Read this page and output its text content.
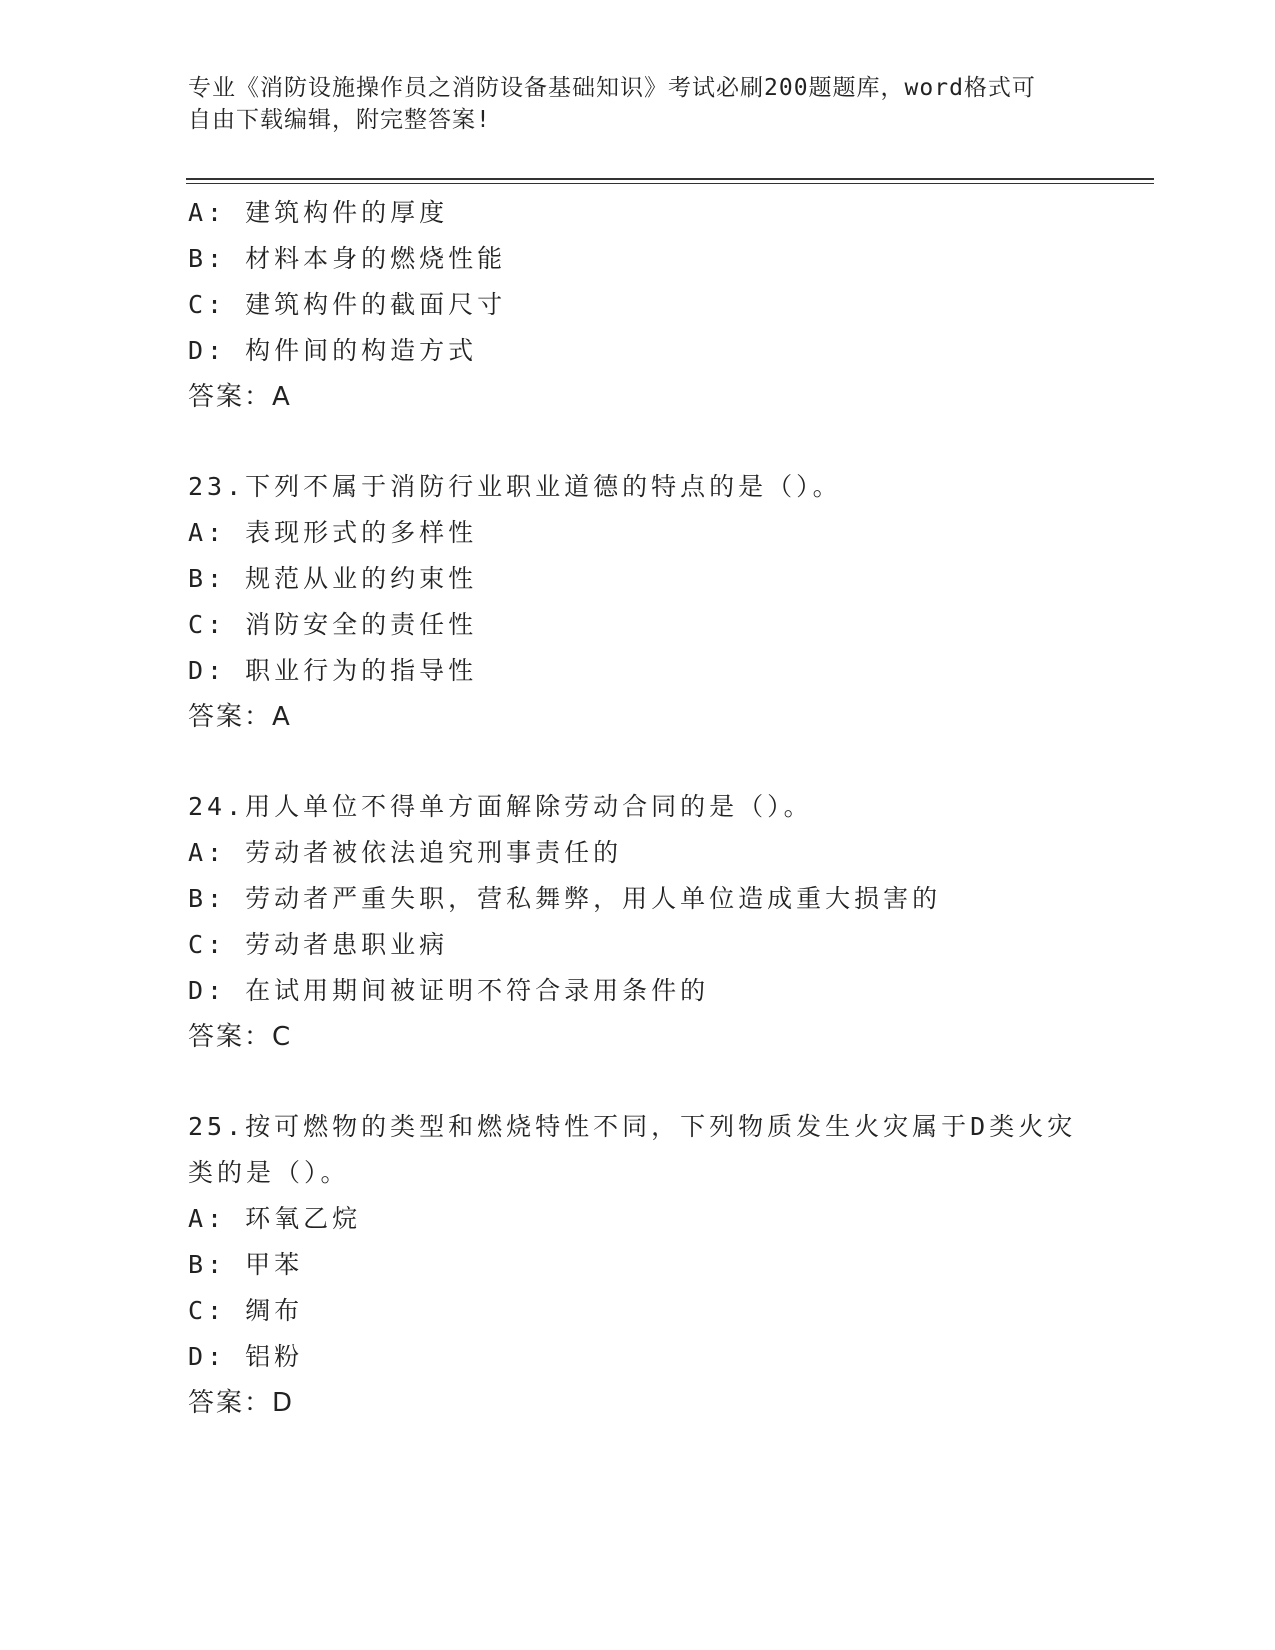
专业《消防设施操作员之消防设备基础知识》考试必刷200题题库，word格式可
自由下载编辑，附完整答案!
A: 建筑构件的厚度
B: 材料本身的燃烧性能
C: 建筑构件的截面尺寸
D: 构件间的构造方式
答案：A
23.下列不属于消防行业职业道德的特点的是（）。
A: 表现形式的多样性
B: 规范从业的约束性
C: 消防安全的责任性
D: 职业行为的指导性
答案：A
24.用人单位不得单方面解除劳动合同的是（）。
A: 劳动者被依法追究刑事责任的
B: 劳动者严重失职，营私舞弊，用人单位造成重大损害的
C: 劳动者患职业病
D: 在试用期间被证明不符合录用条件的
答案：C
25.按可燃物的类型和燃烧特性不同，下列物质发生火灾属于D类火灾
类的是（）。
A: 环氧乙烷
B: 甲苯
C: 绸布
D: 铝粉
答案：D
